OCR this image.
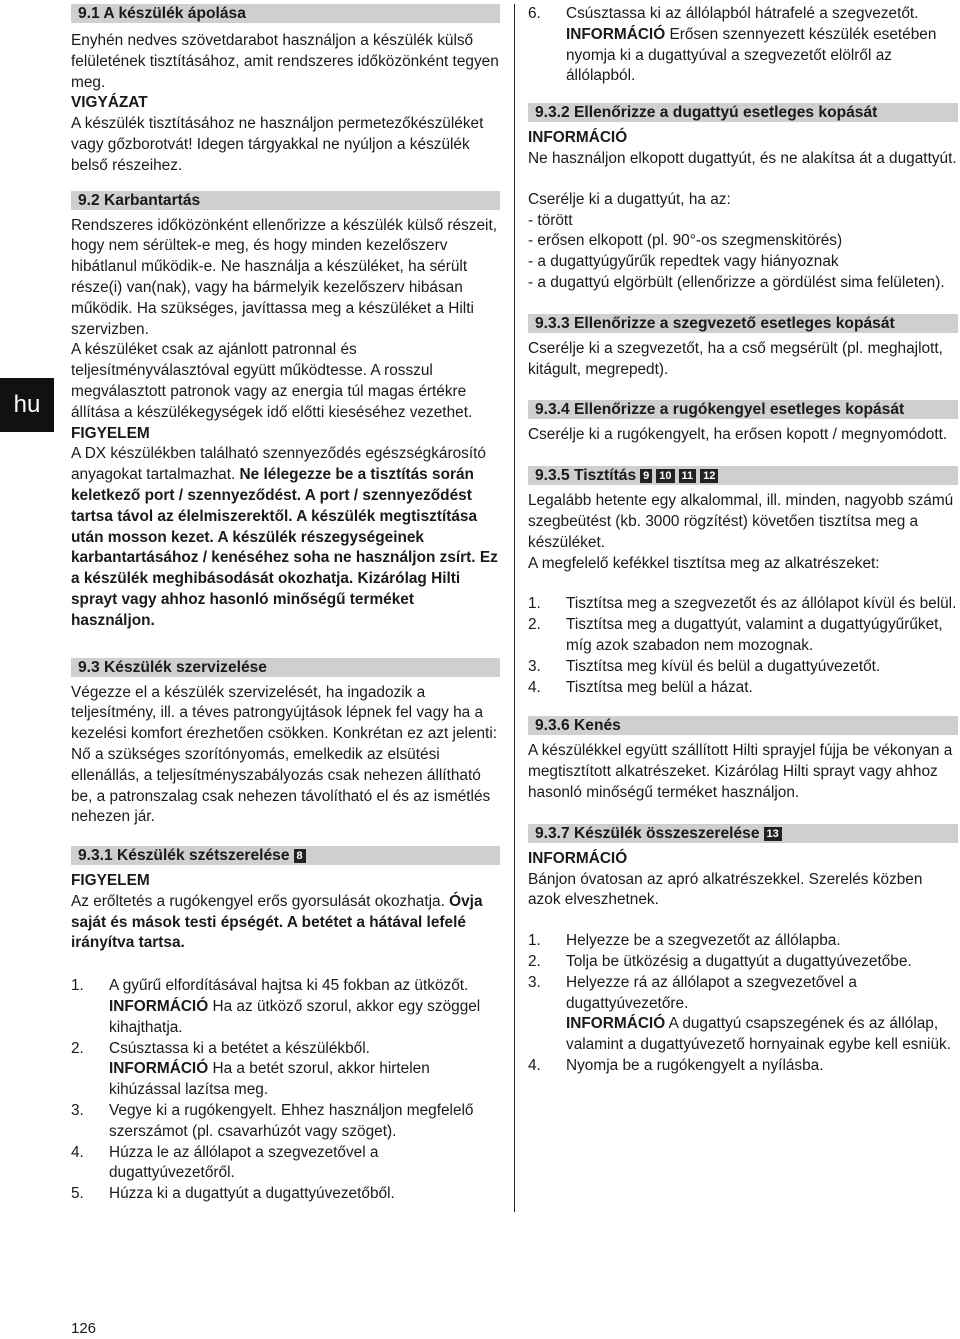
hu
9.1 A készülék ápolása

Enyhén nedves szövetdarabot használjon a készülék külső felületének tisztításához, amit rendszeres időközönként tegyen meg.

VIGYÁZAT

A készülék tisztításához ne használjon permetezőkészüléket vagy gőzborotvát! Idegen tárgyakkal ne nyúljon a készülék belső részeihez.

9.2 Karbantartás

Rendszeres időközönként ellenőrizze a készülék külső részeit, hogy nem sérültek-e meg, és hogy minden kezelőszerv hibátlanul működik-e. Ne használja a készüléket, ha sérült része(i) van(nak), vagy ha bármelyik kezelőszerv hibásan működik. Ha szükséges, javíttassa meg a készüléket a Hilti szervizben.

A készüléket csak az ajánlott patronnal és teljesítményválasztóval együtt működtesse. A rosszul megválasztott patronok vagy az energia túl magas értékre állítása a készülékegységek idő előtti kieséséhez vezethet.

FIGYELEM

A DX készülékben található szennyeződés egészségkárosító anyagokat tartalmazhat. Ne lélegezze be a tisztítás során keletkező port / szennyeződést. A port / szennyeződést tartsa távol az élelmiszerektől. A készülék megtisztítása után mosson kezet. A készülék részegységeinek karbantartásához / kenéséhez soha ne használjon zsírt. Ez a készülék meghibásodását okozhatja. Kizárólag Hilti sprayt vagy ahhoz hasonló minőségű terméket használjon.

9.3 Készülék szervizelése

Végezze el a készülék szervizelését, ha ingadozik a teljesítmény, ill. a téves patrongyújtások lépnek fel vagy ha a kezelési komfort érezhetően csökken. Konkrétan ez azt jelenti: Nő a szükséges szorítónyomás, emelkedik az elsütési ellenállás, a teljesítményszabályozás csak nehezen állítható be, a patronszalag csak nehezen távolítható el és az ismétlés nehezen jár.

9.3.1 Készülék szétszerelése 8
FIGYELEM

Az erőltetés a rugókengyel erős gyorsulását okozhatja. Óvja saját és mások testi épségét. A betétet a hátával lefelé irányítva tartsa.

1.	A gyűrű elfordításával hajtsa ki 45 fokban az ütközőt.
INFORMÁCIÓ Ha az ütköző szorul, akkor egy szöggel kihajthatja.
2.	Csúsztassa ki a betétet a készülékből.
INFORMÁCIÓ Ha a betét szorul, akkor hirtelen kihúzással lazítsa meg.
3.	Vegye ki a rugókengyelt. Ehhez használjon megfelelő szerszámot (pl. csavarhúzót vagy szöget).
4.	Húzza le az állólapot a szegvezetővel a dugattyúvezetőről.
5.	Húzza ki a dugattyút a dugattyúvezetőből.
6.	Csúsztassa ki az állólapból hátrafelé a szegvezetőt.
INFORMÁCIÓ Erősen szennyezett készülék esetében nyomja ki a dugattyúval a szegvezetőt elölről az állólapból.
9.3.2 Ellenőrizze a dugattyú esetleges kopását
INFORMÁCIÓ

Ne használjon elkopott dugattyút, és ne alakítsa át a dugattyút.

Cserélje ki a dugattyút, ha az:

- törött
- erősen elkopott (pl. 90°-os szegmenskitörés)
- a dugattyúgyűrűk repedtek vagy hiányoznak
- a dugattyú elgörbült (ellenőrizze a gördülést sima felületen).
9.3.3 Ellenőrizze a szegvezető esetleges kopását

Cserélje ki a szegvezetőt, ha a cső megsérült (pl. meghajlott, kitágult, megrepedt).

9.3.4 Ellenőrizze a rugókengyel esetleges kopását

Cserélje ki a rugókengyelt, ha erősen kopott / megnyomódott.

9.3.5 Tisztítás 9 10 11 12

Legalább hetente egy alkalommal, ill. minden, nagyobb számú szegbeütést (kb. 3000 rögzítést) követően tisztítsa meg a készüléket.

A megfelelő kefékkel tisztítsa meg az alkatrészeket:

1.	Tisztítsa meg a szegvezetőt és az állólapot kívül és belül.
2.	Tisztítsa meg a dugattyút, valamint a dugattyúgyűrűket, míg azok szabadon nem mozognak.
3.	Tisztítsa meg kívül és belül a dugattyúvezetőt.
4.	Tisztítsa meg belül a házat.
9.3.6 Kenés

A készülékkel együtt szállított Hilti sprayjel fújja be vékonyan a megtisztított alkatrészeket. Kizárólag Hilti sprayt vagy ahhoz hasonló minőségű terméket használjon.

9.3.7 Készülék összeszerelése 13
INFORMÁCIÓ

Bánjon óvatosan az apró alkatrészekkel. Szerelés közben azok elveszhetnek.

1.	Helyezze be a szegvezetőt az állólapba.
2.	Tolja be ütközésig a dugattyút a dugattyúvezetőbe.
3.	Helyezze rá az állólapot a szegvezetővel a dugattyúvezetőre.
INFORMÁCIÓ A dugattyú csapszegének és az állólap, valamint a dugattyúvezető hornyainak egybe kell esniük.
4.	Nyomja be a rugókengyelt a nyílásba.
126
